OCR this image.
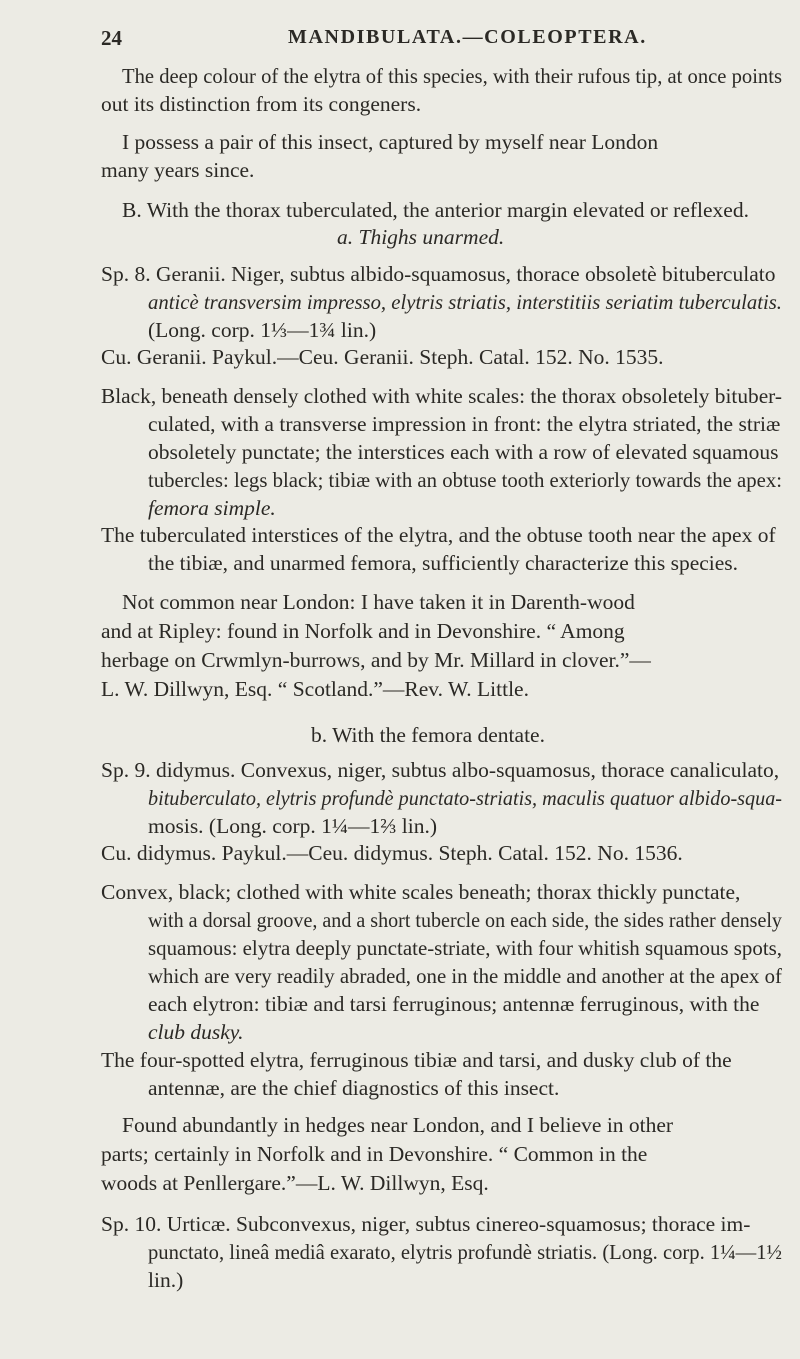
24	MANDIBULATA.—COLEOPTERA.
The deep colour of the elytra of this species, with their rufous tip, at once points
out its distinction from its congeners.
I possess a pair of this insect, captured by myself near London
many years since.
B. With the thorax tuberculated, the anterior margin elevated or reflexed.
a. Thighs unarmed.
Sp. 8. Geranii. Niger, subtus albido-squamosus, thorace obsoletè bituberculato
anticè transversim impresso, elytris striatis, interstitiis seriatim tuberculatis.
(Long. corp. 1⅓—1¾ lin.)
Cu. Geranii. Paykul.—Ceu. Geranii. Steph. Catal. 152. No. 1535.
Black, beneath densely clothed with white scales: the thorax obsoletely bituber-
culated, with a transverse impression in front: the elytra striated, the striæ
obsoletely punctate; the interstices each with a row of elevated squamous
tubercles: legs black; tibiæ with an obtuse tooth exteriorly towards the apex:
femora simple.
The tuberculated interstices of the elytra, and the obtuse tooth near the apex of
the tibiæ, and unarmed femora, sufficiently characterize this species.
Not common near London: I have taken it in Darenth-wood
and at Ripley: found in Norfolk and in Devonshire. “ Among
herbage on Crwmlyn-burrows, and by Mr. Millard in clover.”—
L. W. Dillwyn, Esq. “ Scotland.”—Rev. W. Little.
b. With the femora dentate.
Sp. 9. didymus. Convexus, niger, subtus albo-squamosus, thorace canaliculato,
bituberculato, elytris profundè punctato-striatis, maculis quatuor albido-squa-
mosis. (Long. corp. 1¼—1⅔ lin.)
Cu. didymus. Paykul.—Ceu. didymus. Steph. Catal. 152. No. 1536.
Convex, black; clothed with white scales beneath; thorax thickly punctate,
with a dorsal groove, and a short tubercle on each side, the sides rather densely
squamous: elytra deeply punctate-striate, with four whitish squamous spots,
which are very readily abraded, one in the middle and another at the apex of
each elytron: tibiæ and tarsi ferruginous; antennæ ferruginous, with the
club dusky.
The four-spotted elytra, ferruginous tibiæ and tarsi, and dusky club of the
antennæ, are the chief diagnostics of this insect.
Found abundantly in hedges near London, and I believe in other
parts; certainly in Norfolk and in Devonshire. “ Common in the
woods at Penllergare.”—L. W. Dillwyn, Esq.
Sp. 10. Urticæ. Subconvexus, niger, subtus cinereo-squamosus; thorace im-
punctato, lineâ mediâ exarato, elytris profundè striatis. (Long. corp. 1¼—1½
lin.)
